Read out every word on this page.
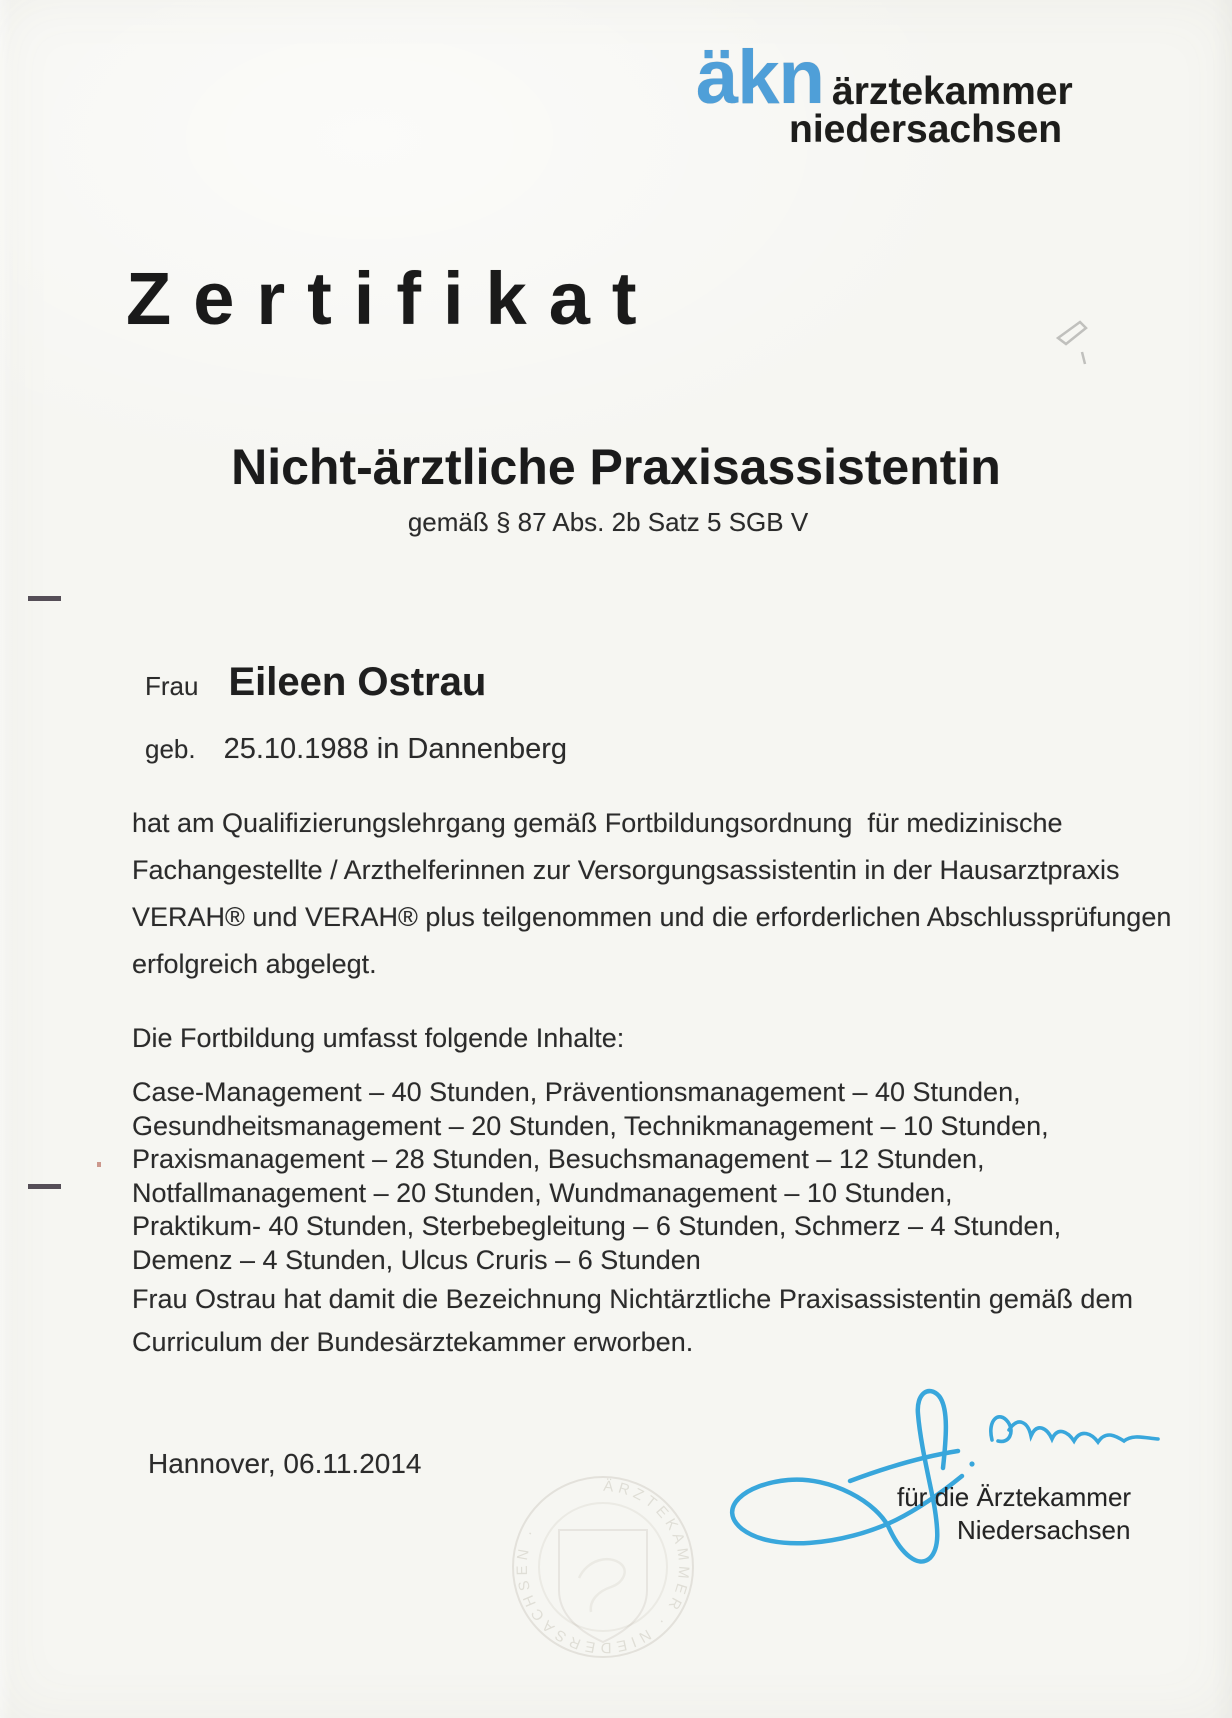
äkn ärztekammer
niedersachsen
Zertifikat
Nicht-ärztliche Praxisassistentin
gemäß § 87 Abs. 2b Satz 5 SGB V
Frau Eileen Ostrau
geb. 25.10.1988 in Dannenberg
hat am Qualifizierungslehrgang gemäß Fortbildungsordnung  für medizinische
Fachangestellte / Arzthelferinnen zur Versorgungsassistentin in der Hausarztpraxis
VERAH® und VERAH® plus teilgenommen und die erforderlichen Abschlussprüfungen
erfolgreich abgelegt.
Die Fortbildung umfasst folgende Inhalte:
Case-Management – 40 Stunden, Präventionsmanagement – 40 Stunden,
Gesundheitsmanagement – 20 Stunden, Technikmanagement – 10 Stunden,
Praxismanagement – 28 Stunden, Besuchsmanagement – 12 Stunden,
Notfallmanagement – 20 Stunden, Wundmanagement – 10 Stunden,
Praktikum- 40 Stunden, Sterbebegleitung – 6 Stunden, Schmerz – 4 Stunden,
Demenz – 4 Stunden, Ulcus Cruris – 6 Stunden
Frau Ostrau hat damit die Bezeichnung Nichtärztliche Praxisassistentin gemäß dem
Curriculum der Bundesärztekammer erworben.
Hannover, 06.11.2014
für die Ärztekammer
Niedersachsen
ÄRZTEKAMMER · NIEDERSACHSEN ·
